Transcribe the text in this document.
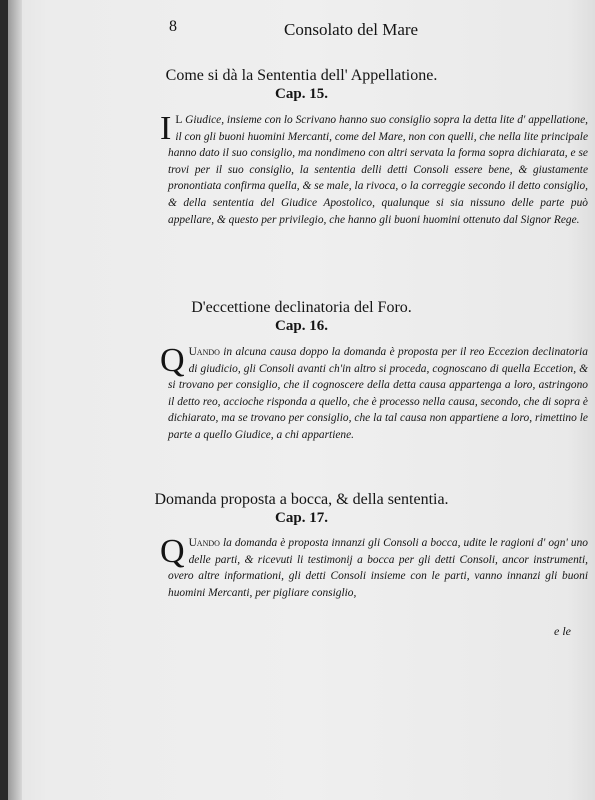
8	Consolato del Mare
Come si dà la Sententia dell' Appellatione.
Cap. 15.

I L Giudice, insieme con lo Scrivano hanno suo consiglio sopra la detta lite d' appellatione, il con gli buoni huomini Mercanti, come del Mare, non con quelli, che nella lite principale hanno dato il suo consiglio, ma nondimeno con altri servata la forma sopra dichiarata, e se trovi per il suo consiglio, la sententia delli detti Consoli essere bene, & giustamente pronontiata confirma quella, & se male, la rivoca, o la correggie secondo il detto consiglio, & della sententia del Giudice Apostolico, qualunque si sia nissuno delle parte può appellare, & questo per privilegio, che hanno gli buoni huomini ottenuto dal Signor Rege.

D'eccettione declinatoria del Foro.
Cap. 16.

Q Uando in alcuna causa doppo la domanda è proposta per il reo Eccezion declinatoria di giudicio, gli Consoli avanti ch'in altro si proceda, cognoscano di quella Eccetion, & si trovano per consiglio, che il cognoscere della detta causa appartenga a loro, astringono il detto reo, accioche risponda a quello, che è processo nella causa, secondo, che di sopra è dichiarato, ma se trovano per consiglio, che la tal causa non appartiene a loro, rimettino le parte a quello Giudice, a chi appartiene.

Domanda proposta a bocca, & della sententia.
Cap. 17.

Q Uando la domanda è proposta innanzi gli Consoli a bocca, udite le ragioni d' ogn' uno delle parti, & ricevuti li testimonij a bocca per gli detti Consoli, ancor instrumenti, overo altre informationi, gli detti Consoli insieme con le parti, vanno innanzi gli buoni huomini Mercanti, per pigliare consiglio,

e le
